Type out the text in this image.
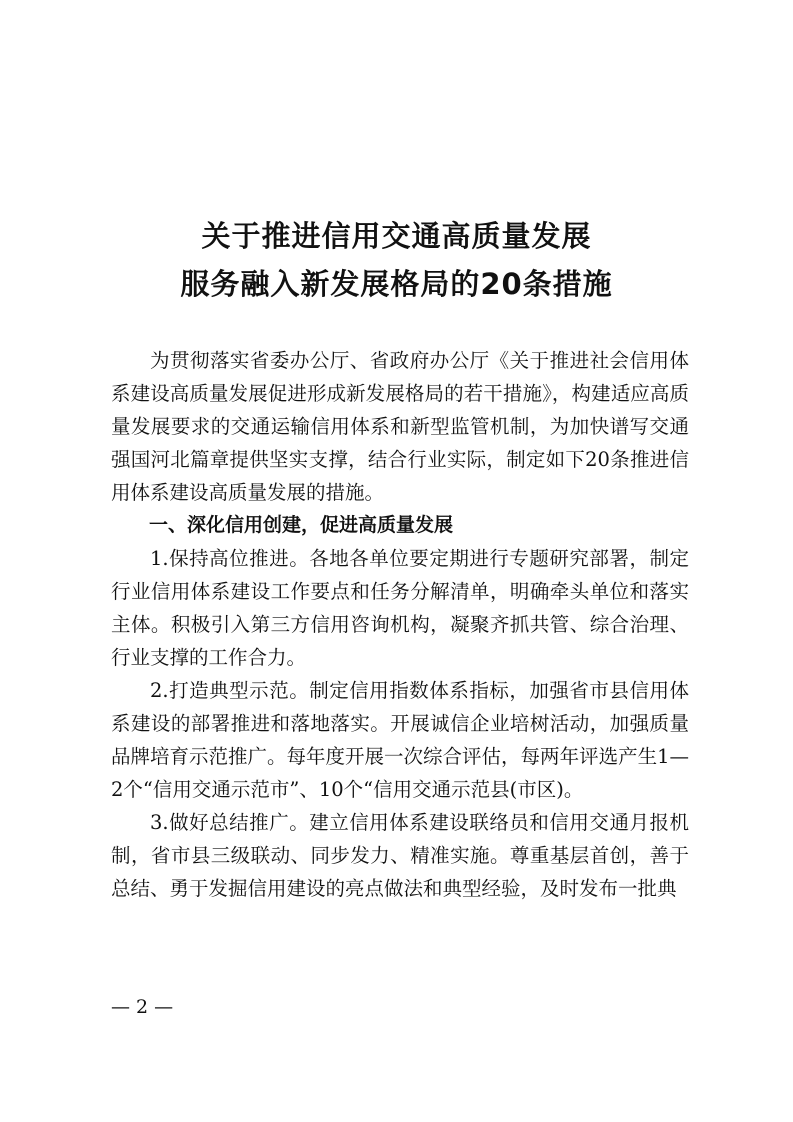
关于推进信用交通高质量发展
服务融入新发展格局的20条措施

为贯彻落实省委办公厅、省政府办公厅《关于推进社会信用体系建设高质量发展促进形成新发展格局的若干措施》，构建适应高质量发展要求的交通运输信用体系和新型监管机制，为加快谱写交通强国河北篇章提供坚实支撑，结合行业实际，制定如下20条推进信用体系建设高质量发展的措施。

一、深化信用创建，促进高质量发展

1.保持高位推进。各地各单位要定期进行专题研究部署，制定行业信用体系建设工作要点和任务分解清单，明确牵头单位和落实主体。积极引入第三方信用咨询机构，凝聚齐抓共管、综合治理、行业支撑的工作合力。

2.打造典型示范。制定信用指数体系指标，加强省市县信用体系建设的部署推进和落地落实。开展诚信企业培树活动，加强质量品牌培育示范推广。每年度开展一次综合评估，每两年评选产生1—2个“信用交通示范市”、10个“信用交通示范县(市区)。

3.做好总结推广。建立信用体系建设联络员和信用交通月报机制，省市县三级联动、同步发力、精准实施。尊重基层首创，善于总结、勇于发掘信用建设的亮点做法和典型经验，及时发布一批典

— 2 —
